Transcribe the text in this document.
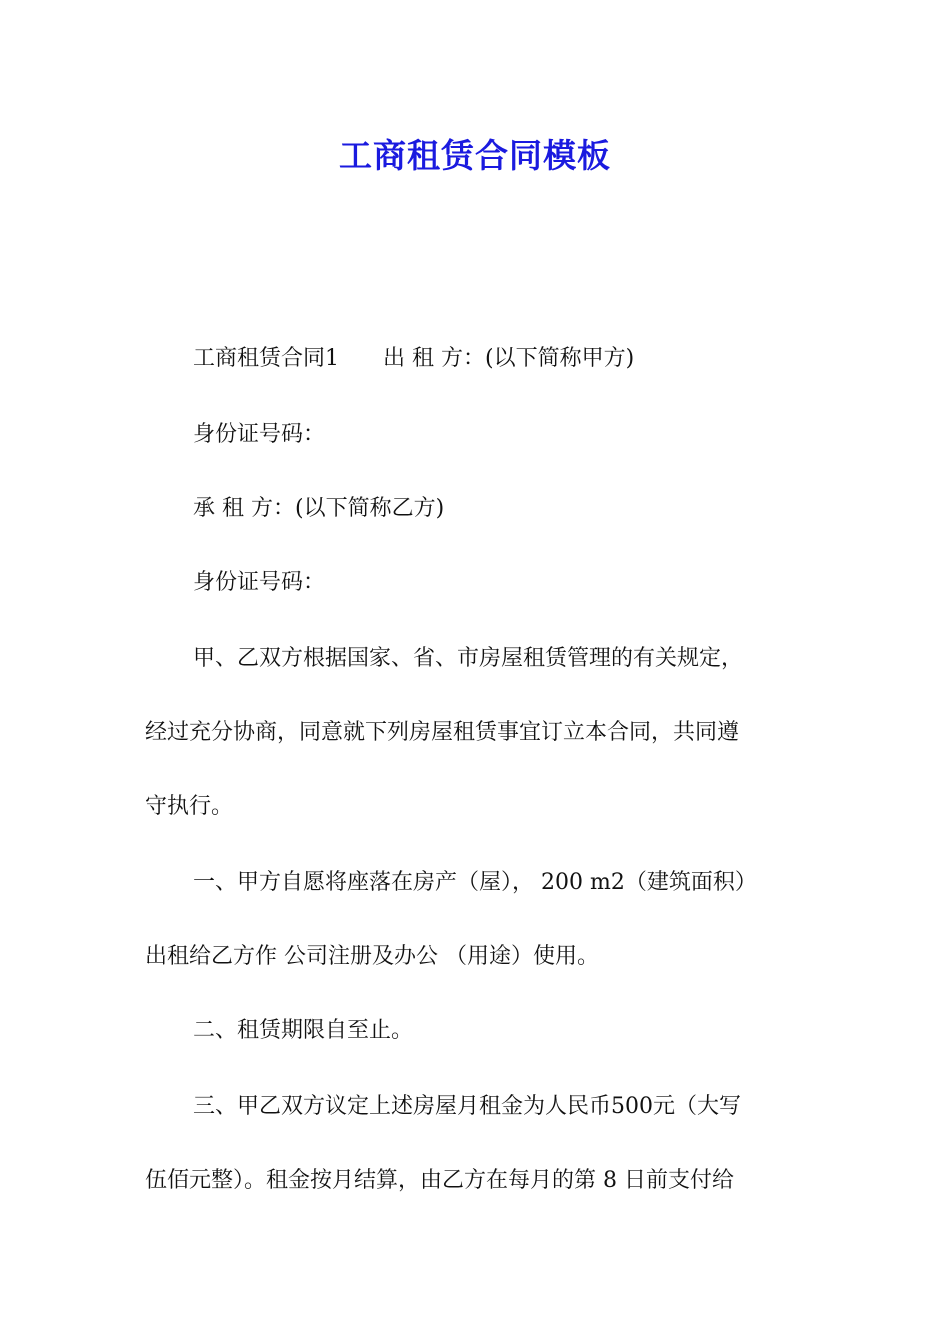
工商租赁合同模板
工商租赁合同1 出 租 方：(以下简称甲方)
身份证号码：
承 租 方：(以下简称乙方)
身份证号码：
甲、乙双方根据国家、省、市房屋租赁管理的有关规定，
经过充分协商，同意就下列房屋租赁事宜订立本合同，共同遵
守执行。
一、甲方自愿将座落在房产（屋）， 200 m2（建筑面积）
出租给乙方作 公司注册及办公 （用途）使用。
二、租赁期限自至止。
三、甲乙双方议定上述房屋月租金为人民币500元（大写
伍佰元整）。租金按月结算，由乙方在每月的第 8 日前支付给
